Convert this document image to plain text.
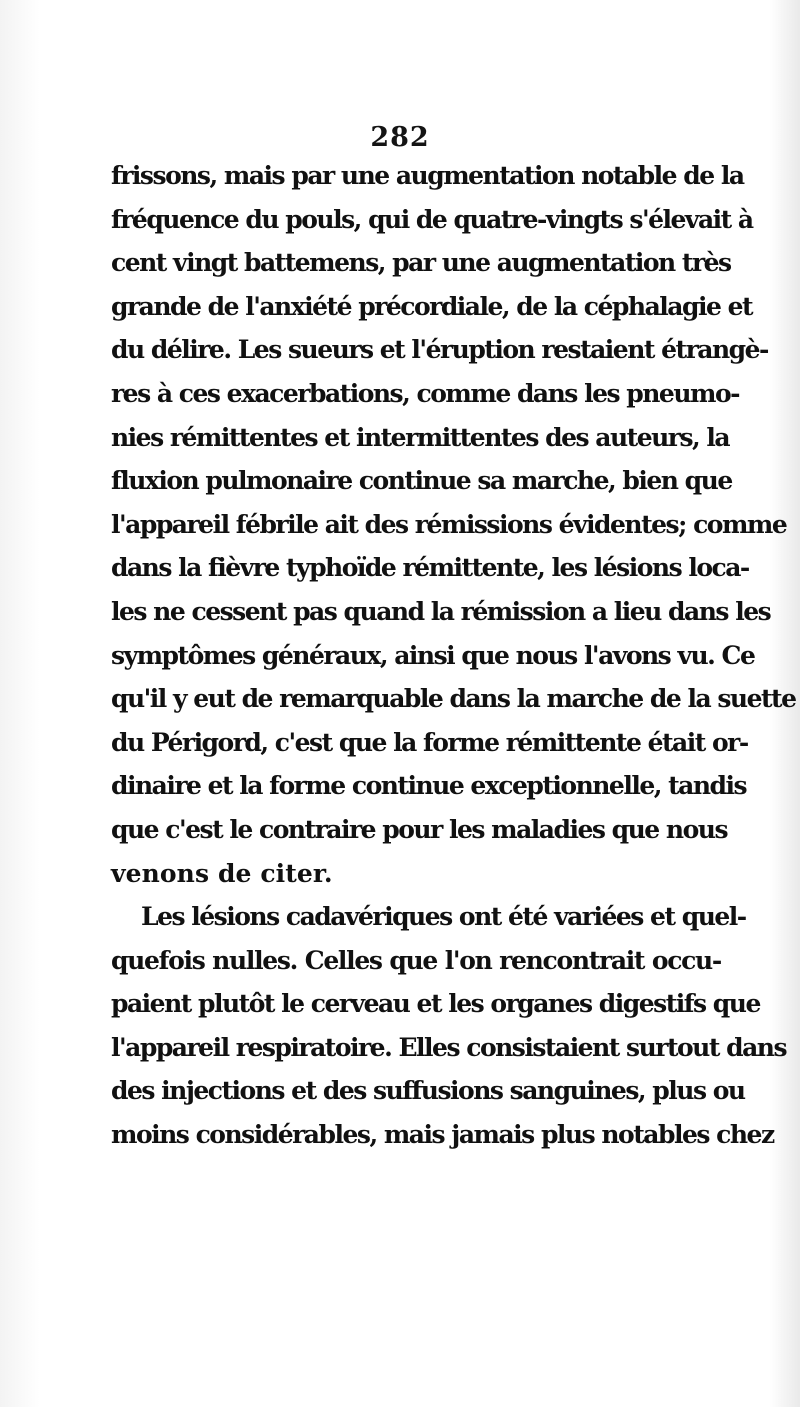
282
frissons, mais par une augmentation notable de la
fréquence du pouls, qui de quatre-vingts s'élevait à
cent vingt battemens, par une augmentation très
grande de l'anxiété précordiale, de la céphalagie et
du délire. Les sueurs et l'éruption restaient étrangè-
res à ces exacerbations, comme dans les pneumo-
nies rémittentes et intermittentes des auteurs, la
fluxion pulmonaire continue sa marche, bien que
l'appareil fébrile ait des rémissions évidentes; comme
dans la fièvre typhoïde rémittente, les lésions loca-
les ne cessent pas quand la rémission a lieu dans les
symptômes généraux, ainsi que nous l'avons vu. Ce
qu'il y eut de remarquable dans la marche de la suette
du Périgord, c'est que la forme rémittente était or-
dinaire et la forme continue exceptionnelle, tandis
que c'est le contraire pour les maladies que nous
venons de citer.
Les lésions cadavériques ont été variées et quel-
quefois nulles. Celles que l'on rencontrait occu-
paient plutôt le cerveau et les organes digestifs que
l'appareil respiratoire. Elles consistaient surtout dans
des injections et des suffusions sanguines, plus ou
moins considérables, mais jamais plus notables chez
